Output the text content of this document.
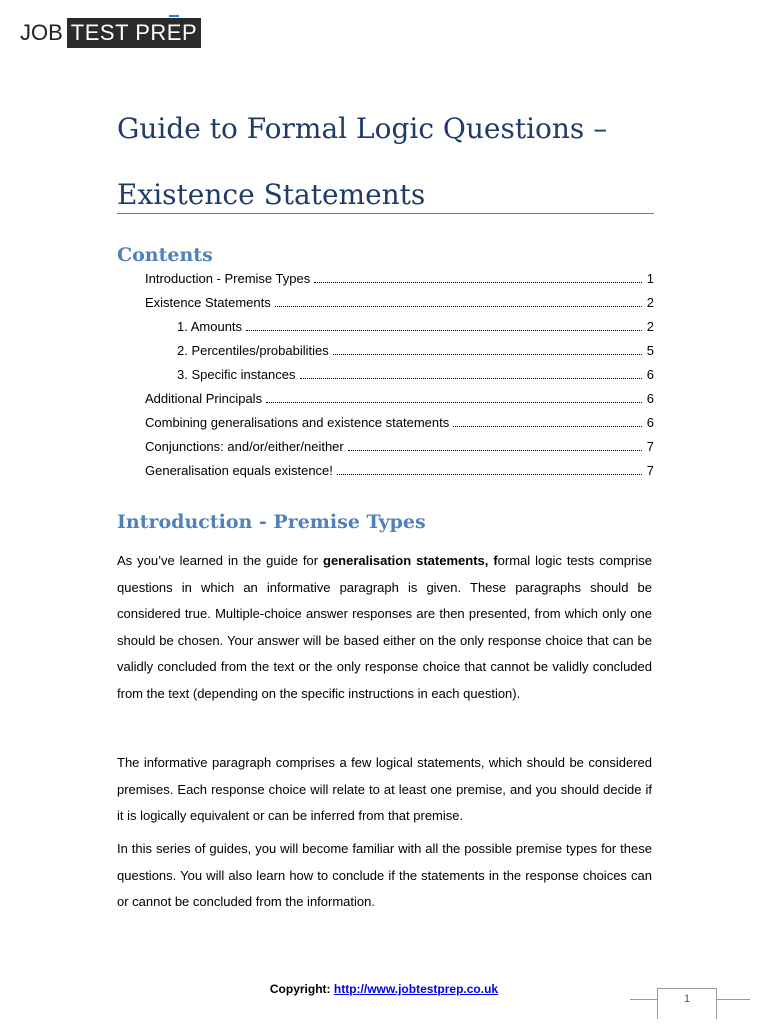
JOB TEST PREP
Guide to Formal Logic Questions –
Existence Statements
Contents
Introduction - Premise Types	1
Existence Statements	2
1. Amounts	2
2. Percentiles/probabilities	5
3. Specific instances	6
Additional Principals	6
Combining generalisations and existence statements	6
Conjunctions: and/or/either/neither	7
Generalisation equals existence!	7
Introduction - Premise Types

As you’ve learned in the guide for generalisation statements, formal logic tests comprise questions in which an informative paragraph is given. These paragraphs should be considered true. Multiple-choice answer responses are then presented, from which only one should be chosen. Your answer will be based either on the only response choice that can be validly concluded from the text or the only response choice that cannot be validly concluded from the text (depending on the specific instructions in each question).

The informative paragraph comprises a few logical statements, which should be considered premises. Each response choice will relate to at least one premise, and you should decide if it is logically equivalent or can be inferred from that premise.

In this series of guides, you will become familiar with all the possible premise types for these questions. You will also learn how to conclude if the statements in the response choices can or cannot be concluded from the information.

Copyright: http://www.jobtestprep.co.uk
1
